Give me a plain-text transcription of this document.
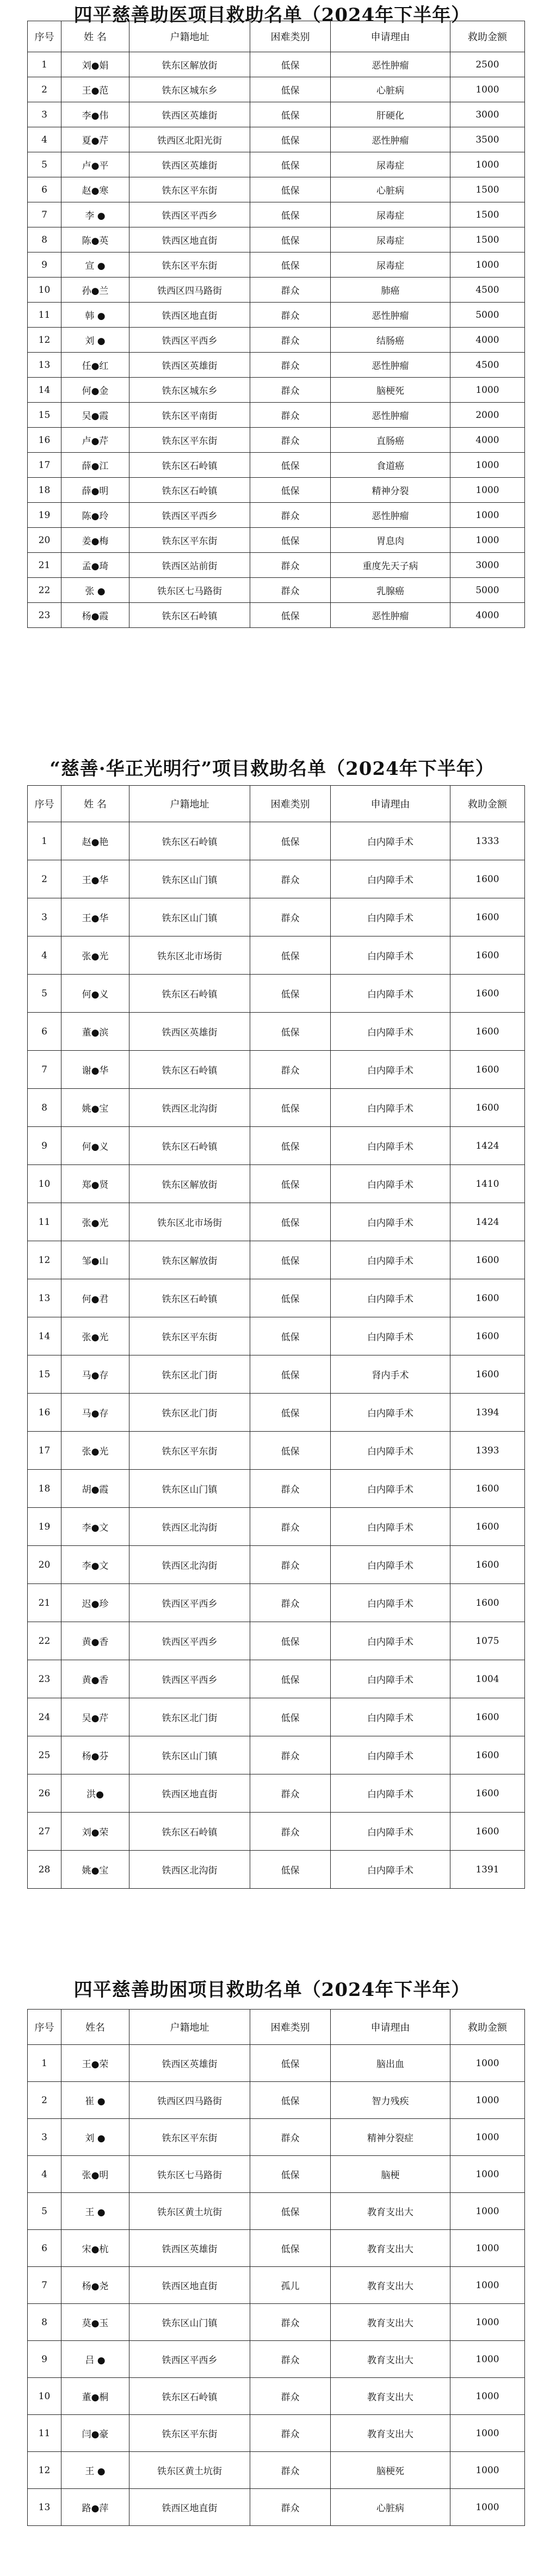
四平慈善助医项目救助名单（2024年下半年）
序号	姓 名	户籍地址	困难类别	申请理由	救助金额
1	刘●娟	铁东区解放街	低保	恶性肿瘤	2500
2	王●范	铁东区城东乡	低保	心脏病	1000
3	李●伟	铁西区英雄街	低保	肝硬化	3000
4	夏●芹	铁西区北阳光街	低保	恶性肿瘤	3500
5	卢●平	铁西区英雄街	低保	尿毒症	1000
6	赵●寒	铁东区平东街	低保	心脏病	1500
7	李 ●	铁西区平西乡	低保	尿毒症	1500
8	陈●英	铁西区地直街	低保	尿毒症	1500
9	宣 ●	铁东区平东街	低保	尿毒症	1000
10	孙●兰	铁西区四马路街	群众	肺癌	4500
11	韩 ●	铁西区地直街	群众	恶性肿瘤	5000
12	刘 ●	铁西区平西乡	群众	结肠癌	4000
13	任●红	铁西区英雄街	群众	恶性肿瘤	4500
14	何●金	铁东区城东乡	群众	脑梗死	1000
15	吴●霞	铁东区平南街	群众	恶性肿瘤	2000
16	卢●芹	铁东区平东街	群众	直肠癌	4000
17	薛●江	铁东区石岭镇	低保	食道癌	1000
18	薛●明	铁东区石岭镇	低保	精神分裂	1000
19	陈●玲	铁西区平西乡	群众	恶性肿瘤	1000
20	姜●梅	铁东区平东街	低保	胃息肉	1000
21	孟●琦	铁西区站前街	群众	重度先天子病	3000
22	张 ●	铁东区七马路街	群众	乳腺癌	5000
23	杨●霞	铁东区石岭镇	低保	恶性肿瘤	4000
“慈善·华正光明行”项目救助名单（2024年下半年）
序号	姓 名	户籍地址	困难类别	申请理由	救助金额
1	赵●艳	铁东区石岭镇	低保	白内障手术	1333
2	王●华	铁东区山门镇	群众	白内障手术	1600
3	王●华	铁东区山门镇	群众	白内障手术	1600
4	张●光	铁东区北市场街	低保	白内障手术	1600
5	何●义	铁东区石岭镇	低保	白内障手术	1600
6	董●滨	铁西区英雄街	低保	白内障手术	1600
7	谢●华	铁东区石岭镇	群众	白内障手术	1600
8	姚●宝	铁西区北沟街	低保	白内障手术	1600
9	何●义	铁东区石岭镇	低保	白内障手术	1424
10	郑●贤	铁东区解放街	低保	白内障手术	1410
11	张●光	铁东区北市场街	低保	白内障手术	1424
12	邹●山	铁东区解放街	低保	白内障手术	1600
13	何●君	铁东区石岭镇	低保	白内障手术	1600
14	张●光	铁东区平东街	低保	白内障手术	1600
15	马●存	铁东区北门街	低保	肾内手术	1600
16	马●存	铁东区北门街	低保	白内障手术	1394
17	张●光	铁东区平东街	低保	白内障手术	1393
18	胡●霞	铁东区山门镇	群众	白内障手术	1600
19	李●文	铁西区北沟街	群众	白内障手术	1600
20	李●文	铁西区北沟街	群众	白内障手术	1600
21	迟●珍	铁西区平西乡	群众	白内障手术	1600
22	黄●香	铁西区平西乡	低保	白内障手术	1075
23	黄●香	铁西区平西乡	低保	白内障手术	1004
24	吴●芹	铁东区北门街	低保	白内障手术	1600
25	杨●芬	铁东区山门镇	群众	白内障手术	1600
26	洪●	铁西区地直街	群众	白内障手术	1600
27	刘●荣	铁东区石岭镇	群众	白内障手术	1600
28	姚●宝	铁西区北沟街	低保	白内障手术	1391
四平慈善助困项目救助名单（2024年下半年）
序号	姓名	户籍地址	困难类别	申请理由	救助金额
1	王●荣	铁西区英雄街	低保	脑出血	1000
2	崔 ●	铁西区四马路街	低保	智力残疾	1000
3	刘 ●	铁东区平东街	群众	精神分裂症	1000
4	张●明	铁东区七马路街	低保	脑梗	1000
5	王 ●	铁东区黄土坑街	低保	教育支出大	1000
6	宋●杭	铁西区英雄街	低保	教育支出大	1000
7	杨●尧	铁西区地直街	孤儿	教育支出大	1000
8	莫●玉	铁东区山门镇	群众	教育支出大	1000
9	吕 ●	铁西区平西乡	群众	教育支出大	1000
10	董●桐	铁东区石岭镇	群众	教育支出大	1000
11	闫●豪	铁东区平东街	群众	教育支出大	1000
12	王 ●	铁东区黄土坑街	群众	脑梗死	1000
13	路●萍	铁西区地直街	群众	心脏病	1000
